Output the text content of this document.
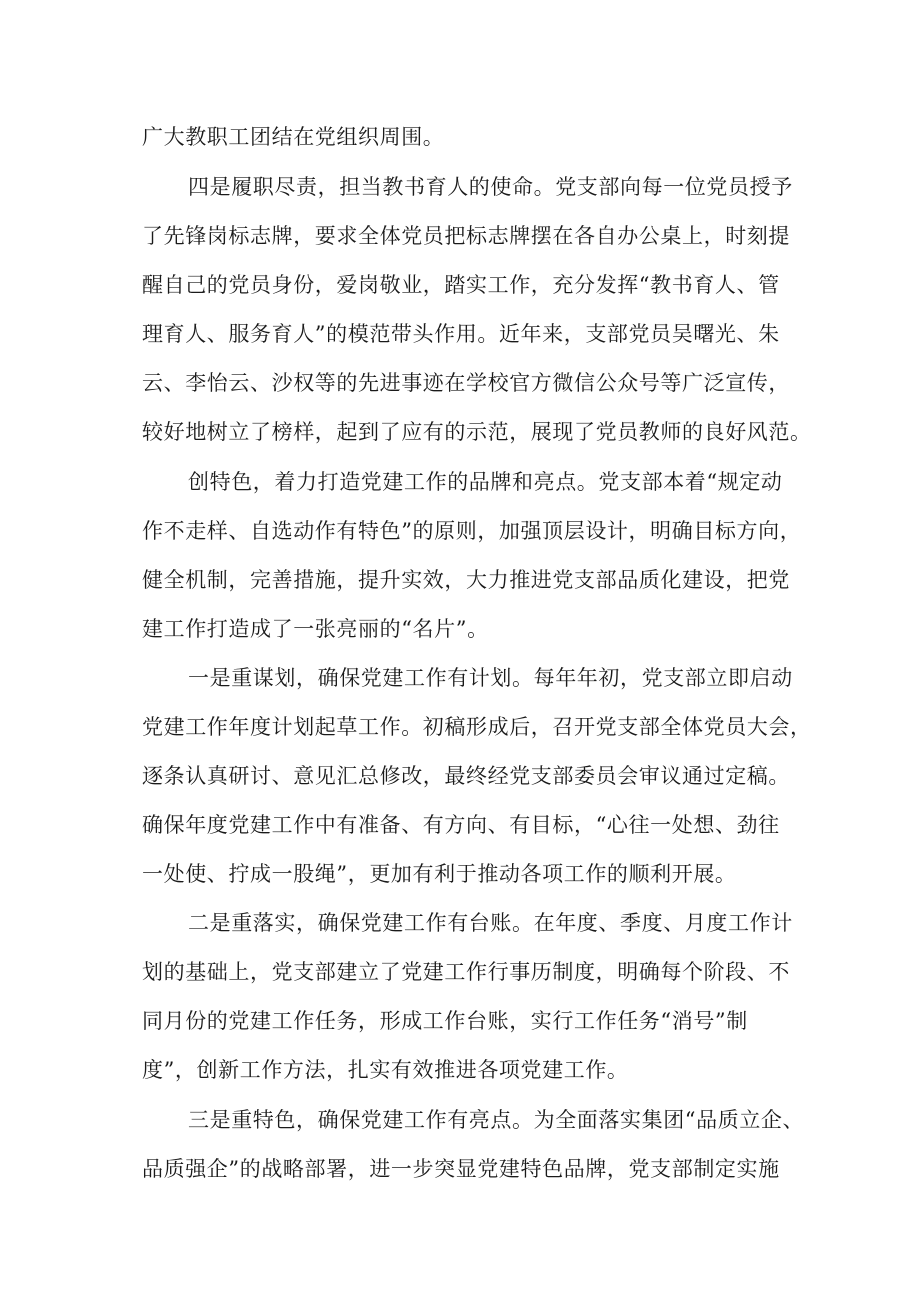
广大教职工团结在党组织周围。
四是履职尽责，担当教书育人的使命。党支部向每一位党员授予
了先锋岗标志牌，要求全体党员把标志牌摆在各自办公桌上，时刻提
醒自己的党员身份，爱岗敬业，踏实工作，充分发挥“教书育人、管
理育人、服务育人”的模范带头作用。近年来，支部党员吴曙光、朱
云、李怡云、沙权等的先进事迹在学校官方微信公众号等广泛宣传，
较好地树立了榜样，起到了应有的示范，展现了党员教师的良好风范。
创特色，着力打造党建工作的品牌和亮点。党支部本着“规定动
作不走样、自选动作有特色”的原则，加强顶层设计，明确目标方向，
健全机制，完善措施，提升实效，大力推进党支部品质化建设，把党
建工作打造成了一张亮丽的“名片”。
一是重谋划，确保党建工作有计划。每年年初，党支部立即启动
党建工作年度计划起草工作。初稿形成后，召开党支部全体党员大会，
逐条认真研讨、意见汇总修改，最终经党支部委员会审议通过定稿。
确保年度党建工作中有准备、有方向、有目标，“心往一处想、劲往
一处使、拧成一股绳”，更加有利于推动各项工作的顺利开展。
二是重落实，确保党建工作有台账。在年度、季度、月度工作计
划的基础上，党支部建立了党建工作行事历制度，明确每个阶段、不
同月份的党建工作任务，形成工作台账，实行工作任务“消号”制
度”，创新工作方法，扎实有效推进各项党建工作。
三是重特色，确保党建工作有亮点。为全面落实集团“品质立企、
品质强企”的战略部署，进一步突显党建特色品牌，党支部制定实施
